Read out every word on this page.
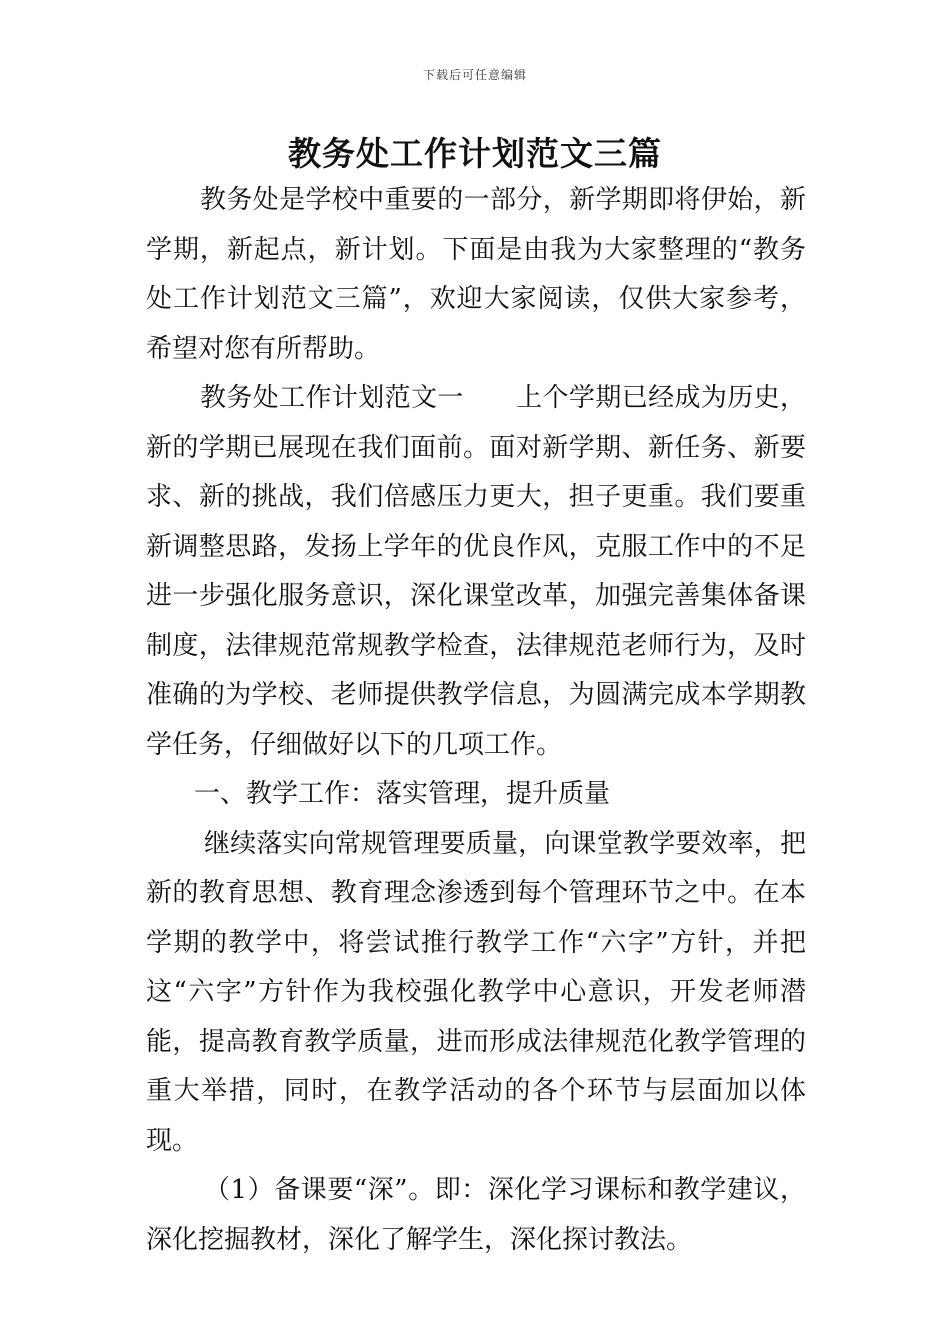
下载后可任意编辑
教务处工作计划范文三篇

教务处是学校中重要的一部分，新学期即将伊始，新学期，新起点，新计划。下面是由我为大家整理的“教务处工作计划范文三篇”，欢迎大家阅读，仅供大家参考，希望对您有所帮助。

教务处工作计划范文一 上个学期已经成为历史，新的学期已展现在我们面前。面对新学期、新任务、新要求、新的挑战，我们倍感压力更大，担子更重。我们要重新调整思路，发扬上学年的优良作风，克服工作中的不足进一步强化服务意识，深化课堂改革，加强完善集体备课制度，法律规范常规教学检查，法律规范老师行为，及时准确的为学校、老师提供教学信息，为圆满完成本学期教学任务，仔细做好以下的几项工作。

一、教学工作：落实管理，提升质量

继续落实向常规管理要质量，向课堂教学要效率，把新的教育思想、教育理念渗透到每个管理环节之中。在本学期的教学中，将尝试推行教学工作“六字”方针，并把这“六字”方针作为我校强化教学中心意识，开发老师潜能，提高教育教学质量，进而形成法律规范化教学管理的重大举措，同时，在教学活动的各个环节与层面加以体现。

（1）备课要“深”。即：深化学习课标和教学建议，深化挖掘教材，深化了解学生，深化探讨教法。
